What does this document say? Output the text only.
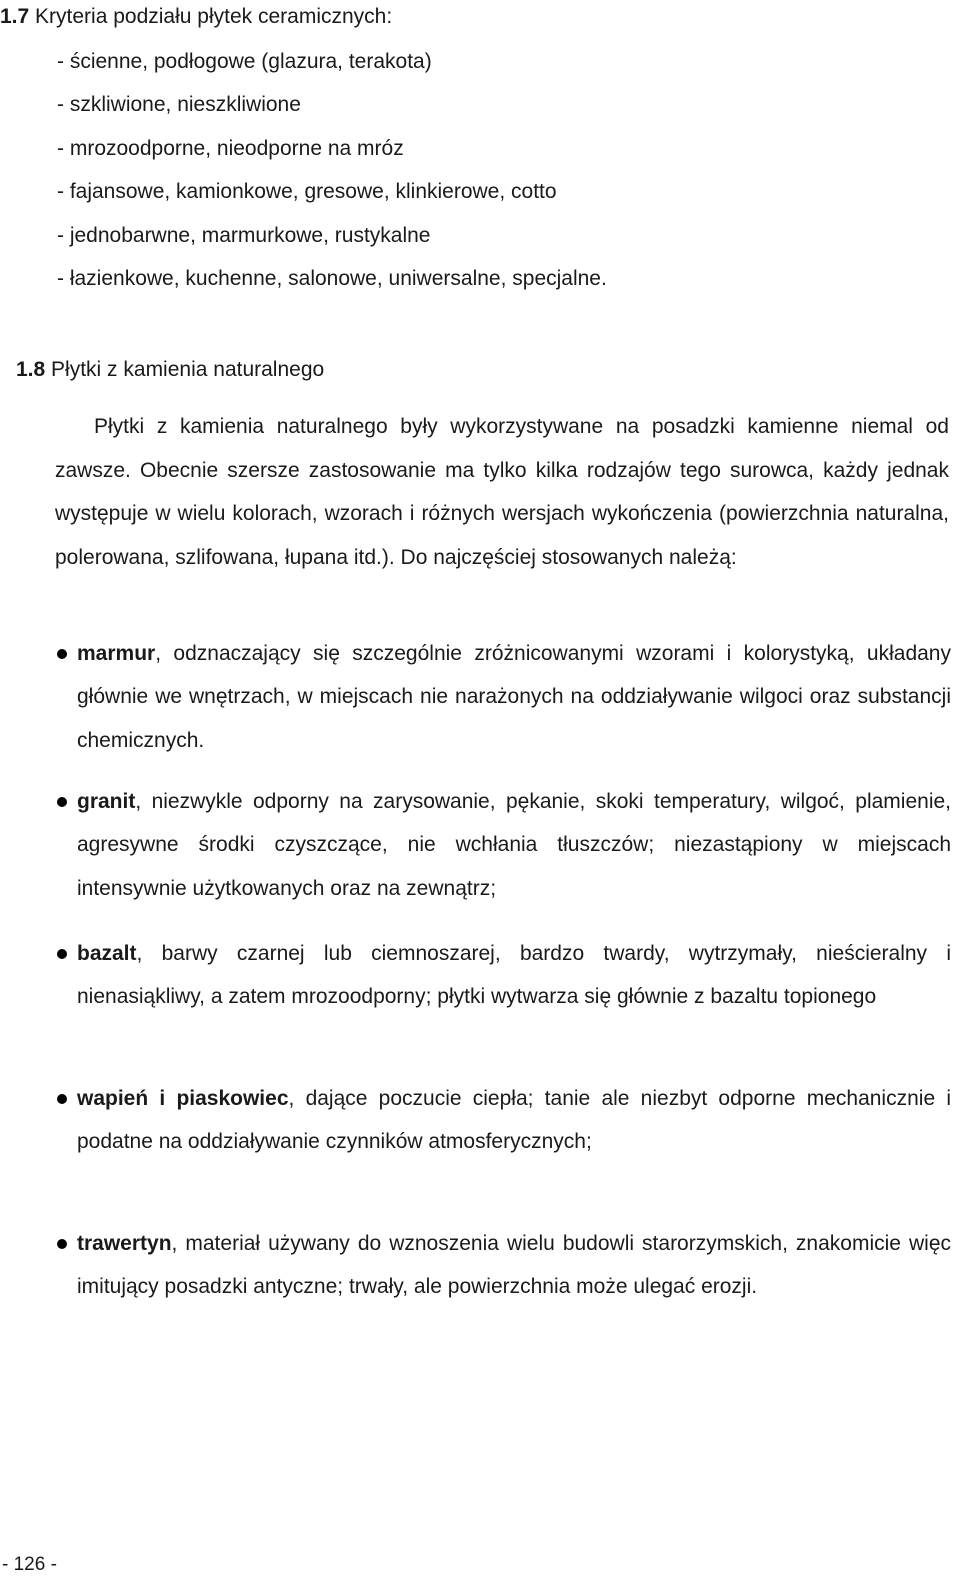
1.7 Kryteria podziału płytek ceramicznych:
- ścienne, podłogowe (glazura, terakota)
- szkliwione, nieszkliwione
- mrozoodporne, nieodporne na mróz
- fajansowe, kamionkowe, gresowe, klinkierowe, cotto
- jednobarwne, marmurkowe, rustykalne
- łazienkowe, kuchenne, salonowe, uniwersalne, specjalne.
1.8 Płytki z kamienia naturalnego

Płytki z kamienia naturalnego były wykorzystywane na posadzki kamienne niemal od zawsze. Obecnie szersze zastosowanie ma tylko kilka rodzajów tego surowca, każdy jednak występuje w wielu kolorach, wzorach i różnych wersjach wykończenia (powierzchnia naturalna, polerowana, szlifowana, łupana itd.). Do najczęściej stosowanych należą:

marmur, odznaczający się szczególnie zróżnicowanymi wzorami i kolorystyką, układany głównie we wnętrzach, w miejscach nie narażonych na oddziaływanie wilgoci oraz substancji chemicznych.

granit, niezwykle odporny na zarysowanie, pękanie, skoki temperatury, wilgoć, plamienie, agresywne środki czyszczące, nie wchłania tłuszczów; niezastąpiony w miejscach intensywnie użytkowanych oraz na zewnątrz;

bazalt, barwy czarnej lub ciemnoszarej, bardzo twardy, wytrzymały, nieścieralny i nienasiąkliwy, a zatem mrozoodporny; płytki wytwarza się głównie z bazaltu topionego

wapień i piaskowiec, dające poczucie ciepła; tanie ale niezbyt odporne mechanicznie i podatne na oddziaływanie czynników atmosferycznych;

trawertyn, materiał używany do wznoszenia wielu budowli starorzymskich, znakomicie więc imitujący posadzki antyczne; trwały, ale powierzchnia może ulegać erozji.

- 126 -
